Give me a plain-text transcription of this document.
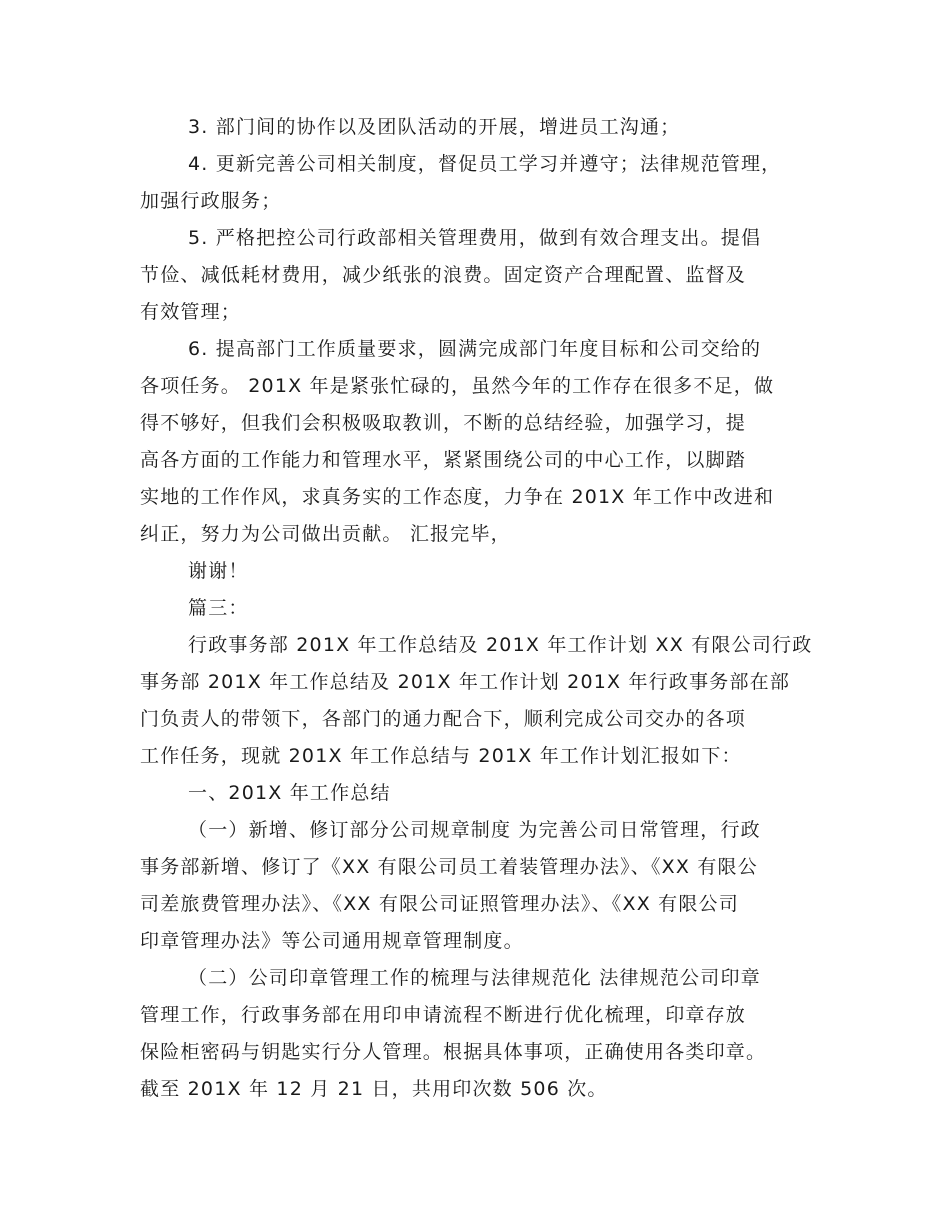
3. 部门间的协作以及团队活动的开展，增进员工沟通；

4. 更新完善公司相关制度，督促员工学习并遵守；法律规范管理，

加强行政服务；

5. 严格把控公司行政部相关管理费用，做到有效合理支出。提倡

节俭、减低耗材费用，减少纸张的浪费。固定资产合理配置、监督及

有效管理；

6. 提高部门工作质量要求，圆满完成部门年度目标和公司交给的

各项任务。 201X 年是紧张忙碌的，虽然今年的工作存在很多不足，做

得不够好，但我们会积极吸取教训，不断的总结经验，加强学习，提

高各方面的工作能力和管理水平，紧紧围绕公司的中心工作，以脚踏

实地的工作作风，求真务实的工作态度，力争在 201X 年工作中改进和

纠正，努力为公司做出贡献。 汇报完毕，

谢谢！

篇三：

行政事务部 201X 年工作总结及 201X 年工作计划 XX 有限公司行政

事务部 201X 年工作总结及 201X 年工作计划 201X 年行政事务部在部

门负责人的带领下，各部门的通力配合下，顺利完成公司交办的各项

工作任务，现就 201X 年工作总结与 201X 年工作计划汇报如下：

一、201X 年工作总结

（一）新增、修订部分公司规章制度 为完善公司日常管理，行政

事务部新增、修订了《XX 有限公司员工着装管理办法》、《XX 有限公

司差旅费管理办法》、《XX 有限公司证照管理办法》、《XX 有限公司

印章管理办法》等公司通用规章管理制度。

（二）公司印章管理工作的梳理与法律规范化 法律规范公司印章

管理工作，行政事务部在用印申请流程不断进行优化梳理，印章存放

保险柜密码与钥匙实行分人管理。根据具体事项，正确使用各类印章。

截至 201X 年 12 月 21 日，共用印次数 506 次。
